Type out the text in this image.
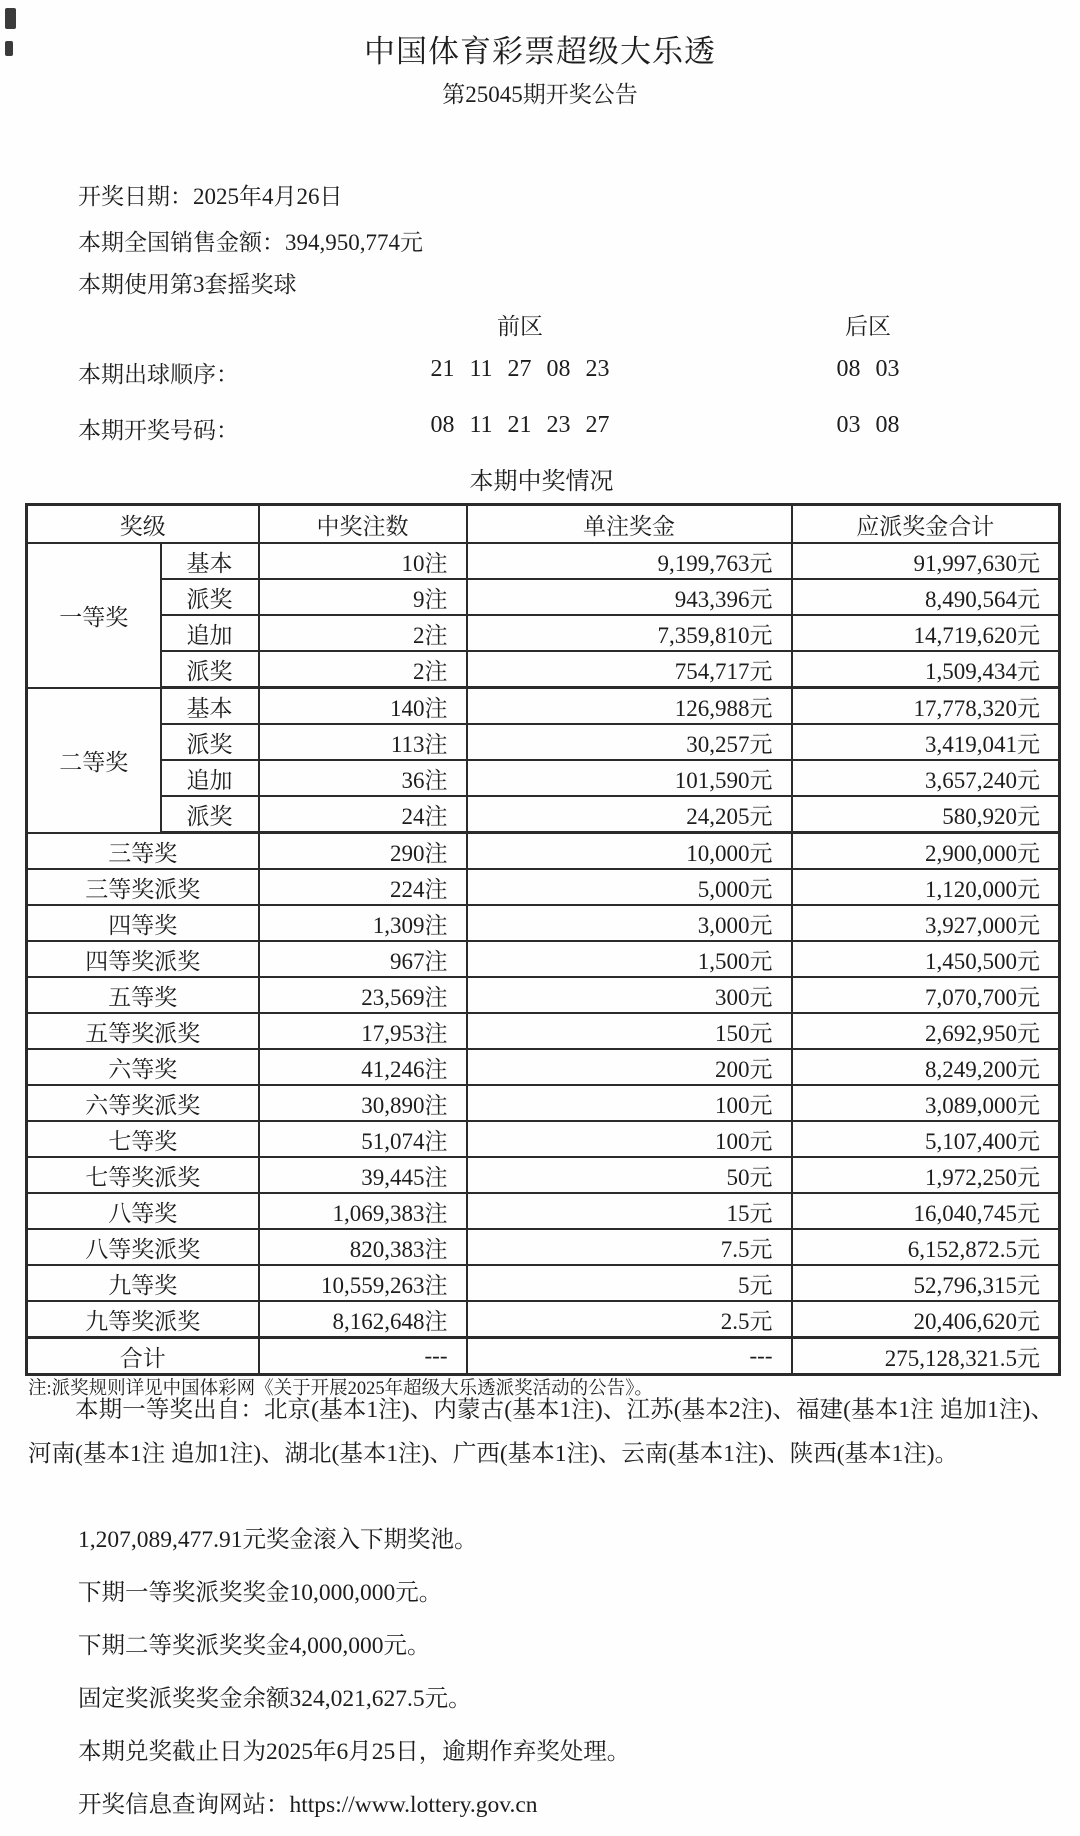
中国体育彩票超级大乐透
第25045期开奖公告
开奖日期：2025年4月26日
本期全国销售金额：394,950,774元
本期使用第3套摇奖球
前区	后区
本期出球顺序：	21 11 27 08 23	08 03
本期开奖号码：	08 11 21 23 27	03 08
本期中奖情况
奖级		中奖注数	单注奖金	应派奖金合计
一等奖	基本	10注	9,199,763元	91,997,630元
	派奖	9注	943,396元	8,490,564元
	追加	2注	7,359,810元	14,719,620元
	派奖	2注	754,717元	1,509,434元
二等奖	基本	140注	126,988元	17,778,320元
	派奖	113注	30,257元	3,419,041元
	追加	36注	101,590元	3,657,240元
	派奖	24注	24,205元	580,920元
三等奖		290注	10,000元	2,900,000元
三等奖派奖		224注	5,000元	1,120,000元
四等奖		1,309注	3,000元	3,927,000元
四等奖派奖		967注	1,500元	1,450,500元
五等奖		23,569注	300元	7,070,700元
五等奖派奖		17,953注	150元	2,692,950元
六等奖		41,246注	200元	8,249,200元
六等奖派奖		30,890注	100元	3,089,000元
七等奖		51,074注	100元	5,107,400元
七等奖派奖		39,445注	50元	1,972,250元
八等奖		1,069,383注	15元	16,040,745元
八等奖派奖		820,383注	7.5元	6,152,872.5元
九等奖		10,559,263注	5元	52,796,315元
九等奖派奖		8,162,648注	2.5元	20,406,620元
合计		---	---	275,128,321.5元
注:派奖规则详见中国体彩网《关于开展2025年超级大乐透派奖活动的公告》。
本期一等奖出自：北京(基本1注)、内蒙古(基本1注)、江苏(基本2注)、福建(基本1注 追加1注)、河南(基本1注 追加1注)、湖北(基本1注)、广西(基本1注)、云南(基本1注)、陕西(基本1注)。
1,207,089,477.91元奖金滚入下期奖池。
下期一等奖派奖奖金10,000,000元。
下期二等奖派奖奖金4,000,000元。
固定奖派奖奖金余额324,021,627.5元。
本期兑奖截止日为2025年6月25日，逾期作弃奖处理。
开奖信息查询网站：https://www.lottery.gov.cn
